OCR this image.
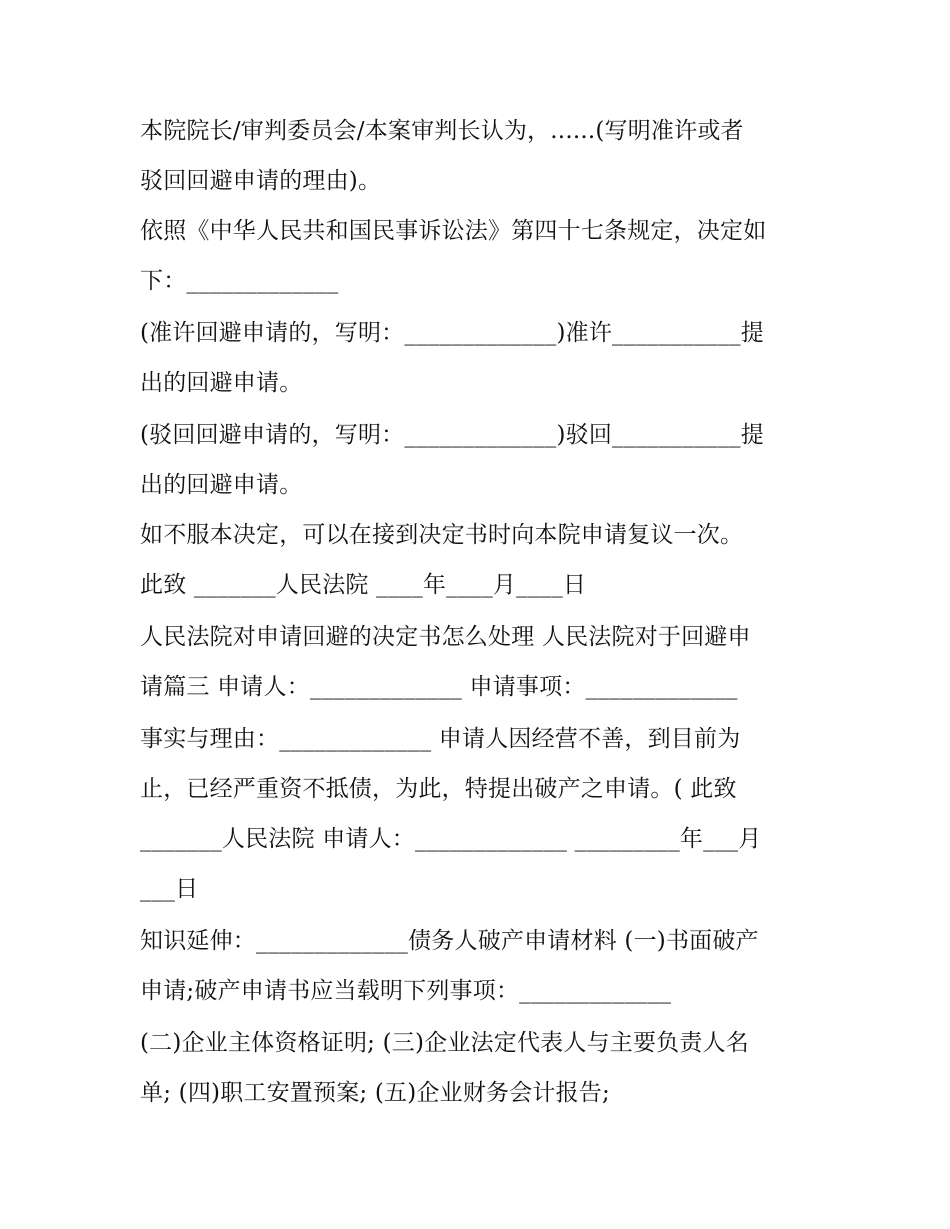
本院院长/审判委员会/本案审判长认为，......(写明准许或者
驳回回避申请的理由)。
依照《中华人民共和国民事诉讼法》第四十七条规定，决定如
下：_____________
(准许回避申请的，写明：_____________)准许___________提
出的回避申请。
(驳回回避申请的，写明：_____________)驳回___________提
出的回避申请。
如不服本决定，可以在接到决定书时向本院申请复议一次。
此致 _______人民法院 ____年____月____日
人民法院对申请回避的决定书怎么处理 人民法院对于回避申
请篇三 申请人：_____________ 申请事项：_____________
事实与理由：_____________ 申请人因经营不善，到目前为
止，已经严重资不抵债，为此，特提出破产之申请。( 此致
_______人民法院 申请人：_____________ _________年___月
___日
知识延伸：_____________债务人破产申请材料 (一)书面破产
申请;破产申请书应当载明下列事项：_____________
(二)企业主体资格证明; (三)企业法定代表人与主要负责人名
单; (四)职工安置预案; (五)企业财务会计报告;
